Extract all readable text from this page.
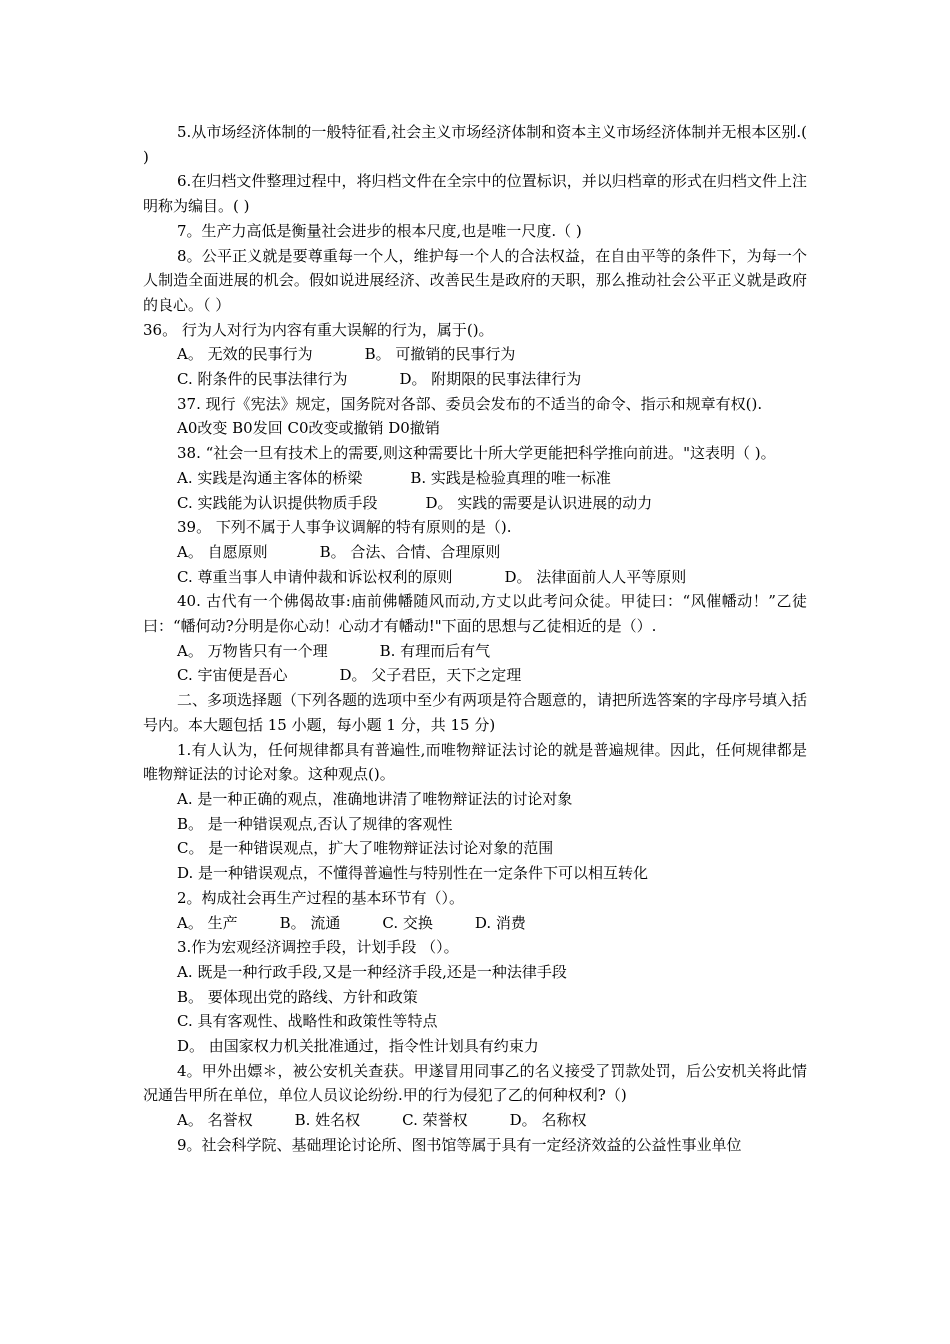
5.从市场经济体制的一般特征看,社会主义市场经济体制和资本主义市场经济体制并无根本区别.( )

6.在归档文件整理过程中，将归档文件在全宗中的位置标识，并以归档章的形式在归档文件上注明称为编目。( )

7。生产力高低是衡量社会进步的根本尺度,也是唯一尺度.（ )

8。公平正义就是要尊重每一个人，维护每一个人的合法权益，在自由平等的条件下，为每一个人制造全面进展的机会。假如说进展经济、改善民生是政府的天职，那么推动社会公平正义就是政府的良心。（ ）

36。 行为人对行为内容有重大误解的行为，属于()。

A。 无效的民事行为	B。 可撤销的民事行为
C. 附条件的民事法律行为	D。 附期限的民事法律行为

37. 现行《宪法》规定，国务院对各部、委员会发布的不适当的命令、指示和规章有权().

A0改变 B0发回 C0改变或撤销 D0撤销

38. “社会一旦有技术上的需要,则这种需要比十所大学更能把科学推向前进。"这表明（ )。

A. 实践是沟通主客体的桥梁	B. 实践是检验真理的唯一标准
C. 实践能为认识提供物质手段	D。 实践的需要是认识进展的动力

39。 下列不属于人事争议调解的特有原则的是（).

A。 自愿原则	B。 合法、合情、合理原则
C. 尊重当事人申请仲裁和诉讼权利的原则	D。 法律面前人人平等原则

40. 古代有一个佛偈故事:庙前佛幡随风而动,方丈以此考问众徒。甲徒曰：“风催幡动！”乙徒曰：“幡何动?分明是你心动！心动才有幡动!"下面的思想与乙徒相近的是（）.

A。 万物皆只有一个理	B. 有理而后有气
C. 宇宙便是吾心	D。 父子君臣，天下之定理

二、多项选择题（下列各题的选项中至少有两项是符合题意的，请把所选答案的字母序号填入括号内。本大题包括 15 小题，每小题 1 分，共 15 分)

1.有人认为，任何规律都具有普遍性,而唯物辩证法讨论的就是普遍规律。因此，任何规律都是唯物辩证法的讨论对象。这种观点()。

A. 是一种正确的观点，准确地讲清了唯物辩证法的讨论对象
B。 是一种错误观点,否认了规律的客观性
C。 是一种错误观点，扩大了唯物辩证法讨论对象的范围
D. 是一种错误观点，不懂得普遍性与特别性在一定条件下可以相互转化

2。构成社会再生产过程的基本环节有（）。

A。 生产	B。 流通	C. 交换	D. 消费

3.作为宏观经济调控手段，计划手段 （）。

A. 既是一种行政手段,又是一种经济手段,还是一种法律手段
B。 要体现出党的路线、方针和政策
C. 具有客观性、战略性和政策性等特点
D。 由国家权力机关批准通过，指令性计划具有约束力

4。甲外出嫖＊，被公安机关查获。甲遂冒用同事乙的名义接受了罚款处罚，后公安机关将此情况通告甲所在单位，单位人员议论纷纷.甲的行为侵犯了乙的何种权利?（)

A。 名誉权	B. 姓名权	C. 荣誉权	D。 名称权

9。社会科学院、基础理论讨论所、图书馆等属于具有一定经济效益的公益性事业单位
